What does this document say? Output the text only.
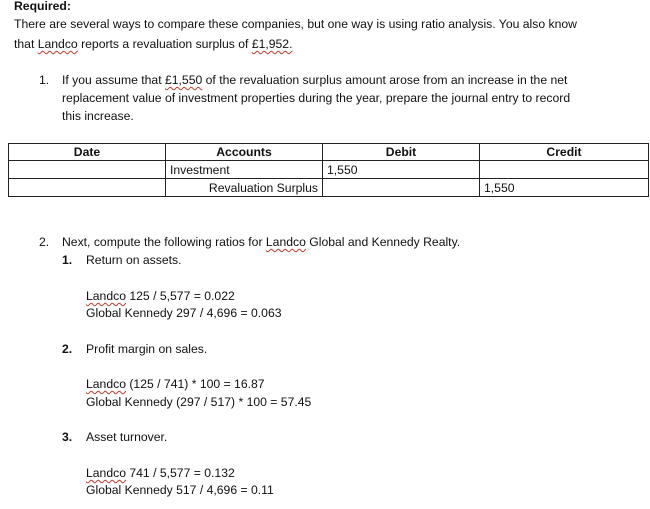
Required:
There are several ways to compare these companies, but one way is using ratio analysis. You also know
that Landco reports a revaluation surplus of £1,952.
1. If you assume that £1,550 of the revaluation surplus amount arose from an increase in the net
replacement value of investment properties during the year, prepare the journal entry to record
this increase.
Date	Accounts	Debit	Credit
	Investment	1,550	
	Revaluation Surplus		1,550
2. Next, compute the following ratios for Landco Global and Kennedy Realty.
1. Return on assets.
Landco 125 / 5,577 = 0.022
Global Kennedy 297 / 4,696 = 0.063
2. Profit margin on sales.
Landco (125 / 741) * 100 = 16.87
Global Kennedy (297 / 517) * 100 = 57.45
3. Asset turnover.
Landco 741 / 5,577 = 0.132
Global Kennedy 517 / 4,696 = 0.11
